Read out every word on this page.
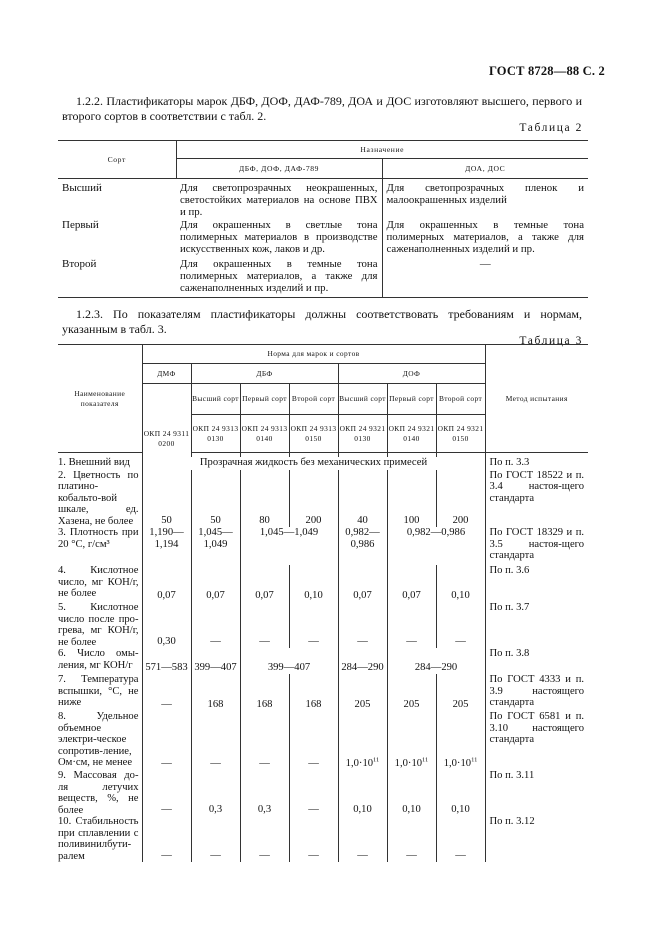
ГОСТ 8728—88 С. 2
1.2.2. Пластификаторы марок ДБФ, ДОФ, ДАФ-789, ДОА и ДОС изготовляют высшего, первого и второго сортов в соответствии с табл. 2.
Таблица 2
Сорт	Назначение	
	ДБФ, ДОФ, ДАФ-789	ДОА, ДОС
Высший	Для светопрозрачных неокрашенных, светостойких материалов на основе ПВХ и пр.	Для светопрозрачных пленок и малоокрашенных изделий
Первый	Для окрашенных в светлые тона полимерных материалов в производстве искусственных кож, лаков и др.	Для окрашенных в темные тона полимерных материалов, а также для саженаполненных изделий и пр.
Второй	Для окрашенных в темные тона полимерных материалов, а также для саженаполненных изделий и пр.	—
1.2.3. По показателям пластификаторы должны соответствовать требованиям и нормам, указанным в табл. 3.
Таблица 3
Наименование показателя	Норма для марок и сортов							Метод испытания
	ДМФ	ДБФ			ДОФ			
	ОКП 24 9311 0200	Высший сорт	Первый сорт	Второй сорт	Высший сорт	Первый сорт	Второй сорт	
		ОКП 24 9313 0130	ОКП 24 9313 0140	ОКП 24 9313 0150	ОКП 24 9321 0130	ОКП 24 9321 0140	ОКП 24 9321 0150	

1. Внешний вид	Прозрачная жидкость без механических примесей							По п. 3.3
2. Цветность по платино-кобальто-вой шкале, ед. Хазена, не более	50	50	80	200	40	100	200	По ГОСТ 18522 и п. 3.4 настоя-щего стандарта
3. Плотность при 20 °С, г/см³	1,190— 1,194	1,045— 1,049	1,045—1,049		0,982— 0,986	0,982—0,986		По ГОСТ 18329 и п. 3.5 настоя-щего стандарта
4. Кислотное число, мг КОН/г, не более	0,07	0,07	0,07	0,10	0,07	0,07	0,10	По п. 3.6
5. Кислотное число после про-грева, мг КОН/г, не более	0,30	—	—	—	—	—	—	По п. 3.7
6. Число омы-ления, мг КОН/г	571—583	399—407	399—407		284—290	284—290		По п. 3.8
7. Температура вспышки, °С, не ниже	—	168	168	168	205	205	205	По ГОСТ 4333 и п. 3.9 настоящего стандарта
8. Удельное объемное электри-ческое сопротив-ление, Ом·см, не менее	—	—	—	—	$1,0\cdot 10^{11}$	$1,0\cdot 10^{11}$	$1,0\cdot 10^{11}$	По ГОСТ 6581 и п. 3.10 настоящего стандарта
9. Массовая до-ля летучих веществ, %, не более	—	0,3	0,3	—	0,10	0,10	0,10	По п. 3.11
10. Стабильность при сплавлении с поливинилбути-ралем	—	—	—	—	—	—	—	По п. 3.12
